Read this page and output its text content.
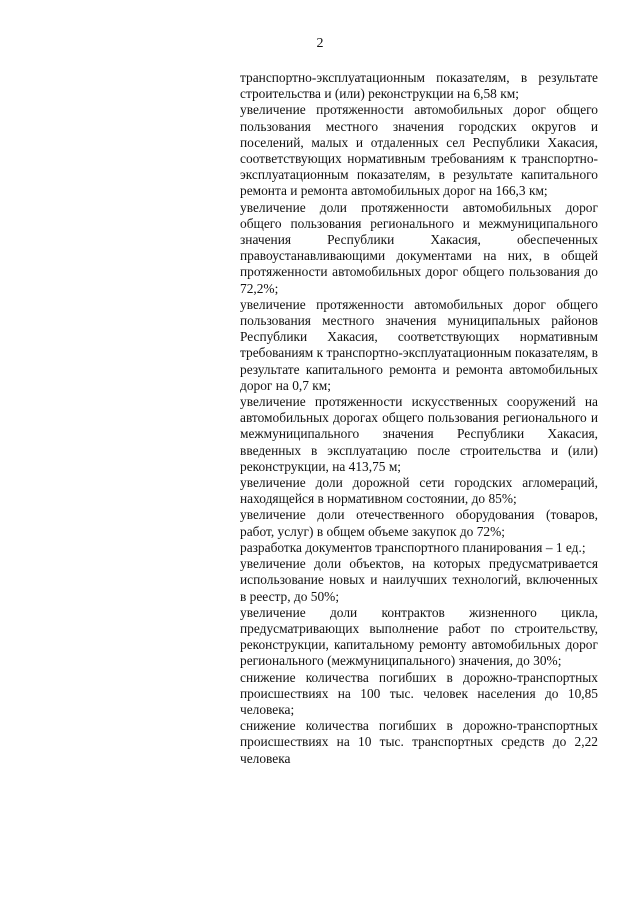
2

транспортно-эксплуатационным показателям, в результате строительства и (или) реконструкции на 6,58 км;

увеличение протяженности автомобильных дорог общего пользования местного значения городских округов и поселений, малых и отдаленных сел Республики Хакасия, соответствующих нормативным требованиям к транспортно-эксплуатационным показателям, в результате капитального ремонта и ремонта автомобильных дорог на 166,3 км;

увеличение доли протяженности автомобильных дорог общего пользования регионального и межмуниципального значения Республики Хакасия, обеспеченных правоустанавливающими документами на них, в общей протяженности автомобильных дорог общего пользования до 72,2%;

увеличение протяженности автомобильных дорог общего пользования местного значения муниципальных районов Республики Хакасия, соответствующих нормативным требованиям к транспортно-эксплуатационным показателям, в результате капитального ремонта и ремонта автомобильных дорог на 0,7 км;

увеличение протяженности искусственных сооружений на автомобильных дорогах общего пользования регионального и межмуниципального значения Республики Хакасия, введенных в эксплуатацию после строительства и (или) реконструкции, на 413,75 м;

увеличение доли дорожной сети городских агломераций, находящейся в нормативном состоянии, до 85%;

увеличение доли отечественного оборудования (товаров, работ, услуг) в общем объеме закупок до 72%;

разработка документов транспортного планирования – 1 ед.;

увеличение доли объектов, на которых предусматривается использование новых и наилучших технологий, включенных в реестр, до 50%;

увеличение доли контрактов жизненного цикла, предусматривающих выполнение работ по строительству, реконструкции, капитальному ремонту автомобильных дорог регионального (межмуниципального) значения, до 30%;

снижение количества погибших в дорожно-транспортных происшествиях на 100 тыс. человек населения до 10,85 человека;

снижение количества погибших в дорожно-транспортных происшествиях на 10 тыс. транспортных средств до 2,22 человека
